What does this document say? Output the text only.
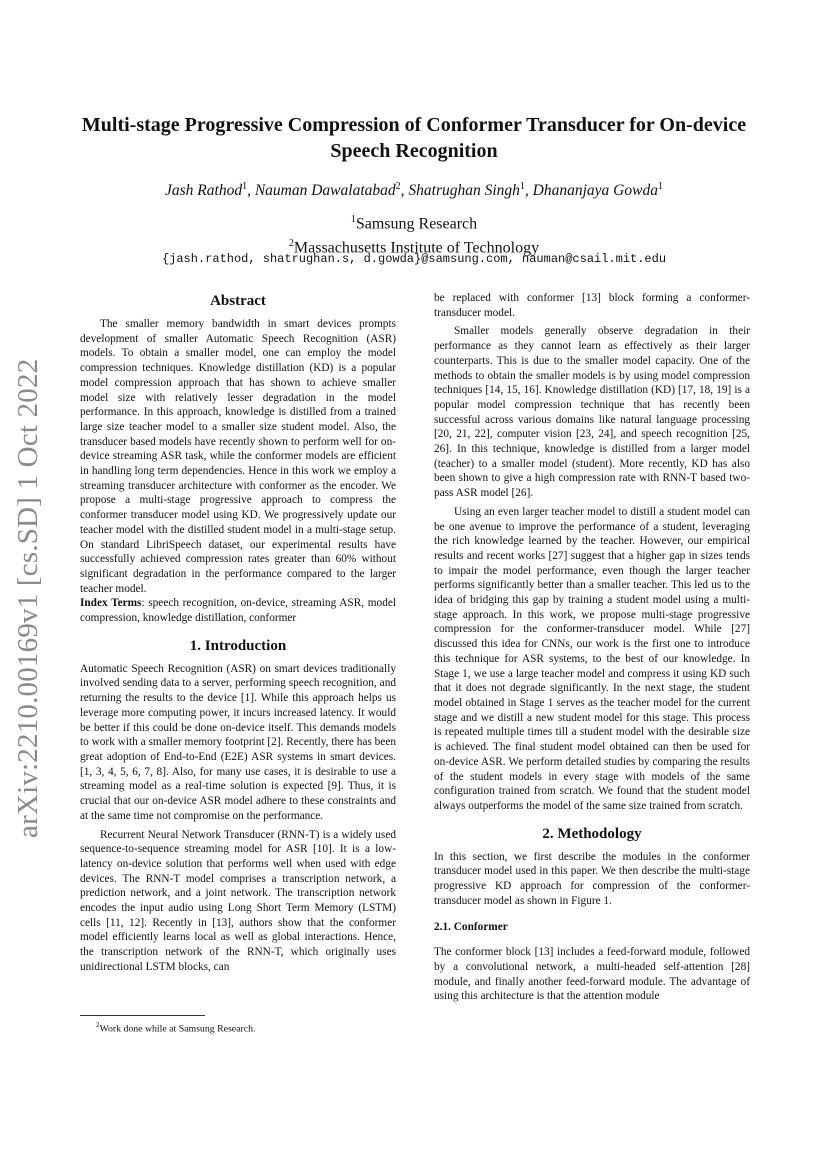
arXiv:2210.00169v1 [cs.SD] 1 Oct 2022
Multi-stage Progressive Compression of Conformer Transducer for On-device Speech Recognition
Jash Rathod$^1$, Nauman Dawalatabad$^2$, Shatrughan Singh$^1$, Dhananjaya Gowda$^1$
$^1$Samsung Research
$^2$Massachusetts Institute of Technology
{jash.rathod, shatrughan.s, d.gowda}@samsung.com, nauman@csail.mit.edu
Abstract

The smaller memory bandwidth in smart devices prompts development of smaller Automatic Speech Recognition (ASR) models. To obtain a smaller model, one can employ the model compression techniques. Knowledge distillation (KD) is a popular model compression approach that has shown to achieve smaller model size with relatively lesser degradation in the model performance. In this approach, knowledge is distilled from a trained large size teacher model to a smaller size student model. Also, the transducer based models have recently shown to perform well for on-device streaming ASR task, while the conformer models are efficient in handling long term dependencies. Hence in this work we employ a streaming transducer architecture with conformer as the encoder. We propose a multi-stage progressive approach to compress the conformer transducer model using KD. We progressively update our teacher model with the distilled student model in a multi-stage setup. On standard LibriSpeech dataset, our experimental results have successfully achieved compression rates greater than 60% without significant degradation in the performance compared to the larger teacher model.

Index Terms: speech recognition, on-device, streaming ASR, model compression, knowledge distillation, conformer

1. Introduction

Automatic Speech Recognition (ASR) on smart devices traditionally involved sending data to a server, performing speech recognition, and returning the results to the device [1]. While this approach helps us leverage more computing power, it incurs increased latency. It would be better if this could be done on-device itself. This demands models to work with a smaller memory footprint [2]. Recently, there has been great adoption of End-to-End (E2E) ASR systems in smart devices. [1, 3, 4, 5, 6, 7, 8]. Also, for many use cases, it is desirable to use a streaming model as a real-time solution is expected [9]. Thus, it is crucial that our on-device ASR model adhere to these constraints and at the same time not compromise on the performance.

Recurrent Neural Network Transducer (RNN-T) is a widely used sequence-to-sequence streaming model for ASR [10]. It is a low-latency on-device solution that performs well when used with edge devices. The RNN-T model comprises a transcription network, a prediction network, and a joint network. The transcription network encodes the input audio using Long Short Term Memory (LSTM) cells [11, 12]. Recently in [13], authors show that the conformer model efficiently learns local as well as global interactions. Hence, the transcription network of the RNN-T, which originally uses unidirectional LSTM blocks, can

be replaced with conformer [13] block forming a conformer-transducer model.

Smaller models generally observe degradation in their performance as they cannot learn as effectively as their larger counterparts. This is due to the smaller model capacity. One of the methods to obtain the smaller models is by using model compression techniques [14, 15, 16]. Knowledge distillation (KD) [17, 18, 19] is a popular model compression technique that has recently been successful across various domains like natural language processing [20, 21, 22], computer vision [23, 24], and speech recognition [25, 26]. In this technique, knowledge is distilled from a larger model (teacher) to a smaller model (student). More recently, KD has also been shown to give a high compression rate with RNN-T based two-pass ASR model [26].

Using an even larger teacher model to distill a student model can be one avenue to improve the performance of a student, leveraging the rich knowledge learned by the teacher. However, our empirical results and recent works [27] suggest that a higher gap in sizes tends to impair the model performance, even though the larger teacher performs significantly better than a smaller teacher. This led us to the idea of bridging this gap by training a student model using a multi-stage approach. In this work, we propose multi-stage progressive compression for the conformer-transducer model. While [27] discussed this idea for CNNs, our work is the first one to introduce this technique for ASR systems, to the best of our knowledge. In Stage 1, we use a large teacher model and compress it using KD such that it does not degrade significantly. In the next stage, the student model obtained in Stage 1 serves as the teacher model for the current stage and we distill a new student model for this stage. This process is repeated multiple times till a student model with the desirable size is achieved. The final student model obtained can then be used for on-device ASR. We perform detailed studies by comparing the results of the student models in every stage with models of the same configuration trained from scratch. We found that the student model always outperforms the model of the same size trained from scratch.

2. Methodology

In this section, we first describe the modules in the conformer transducer model used in this paper. We then describe the multi-stage progressive KD approach for compression of the conformer-transducer model as shown in Figure 1.

2.1. Conformer

The conformer block [13] includes a feed-forward module, followed by a convolutional network, a multi-headed self-attention [28] module, and finally another feed-forward module. The advantage of using this architecture is that the attention module

$^2$Work done while at Samsung Research.
